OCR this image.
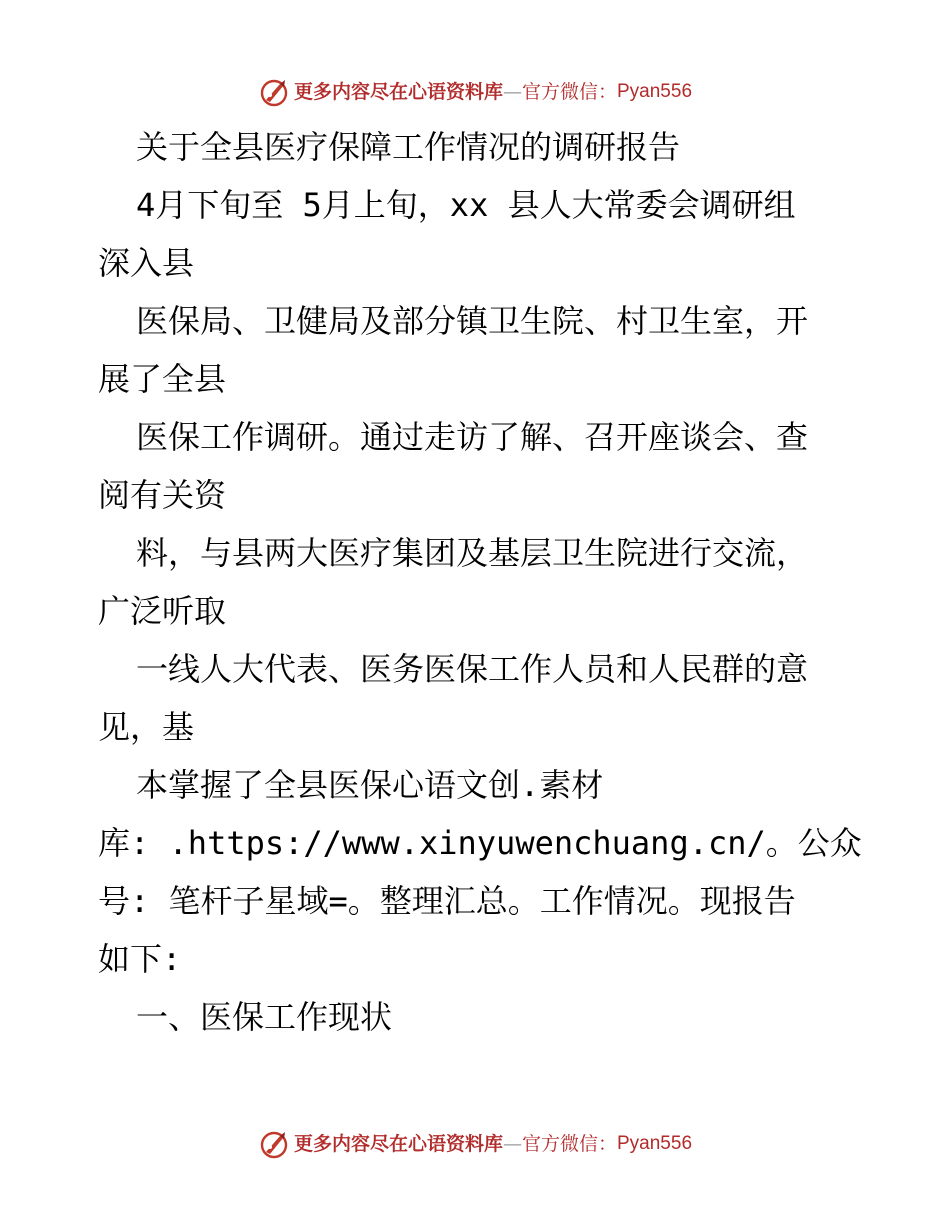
更多内容尽在心语资料库 — 官方微信： Pyan556
关于全县医疗保障工作情况的调研报告
4月下旬至 5月上旬，xx 县人大常委会调研组
深入县
医保局、卫健局及部分镇卫生院、村卫生室，开
展了全县
医保工作调研。通过走访了解、召开座谈会、查
阅有关资
料，与县两大医疗集团及基层卫生院进行交流，
广泛听取
一线人大代表、医务医保工作人员和人民群的意
见，基
本掌握了全县医保心语文创.素材
库: .https://www.xinyuwenchuang.cn/。公众
号: 笔杆子星域=。整理汇总。工作情况。现报告
如下:
一、医保工作现状
更多内容尽在心语资料库 — 官方微信： Pyan556
